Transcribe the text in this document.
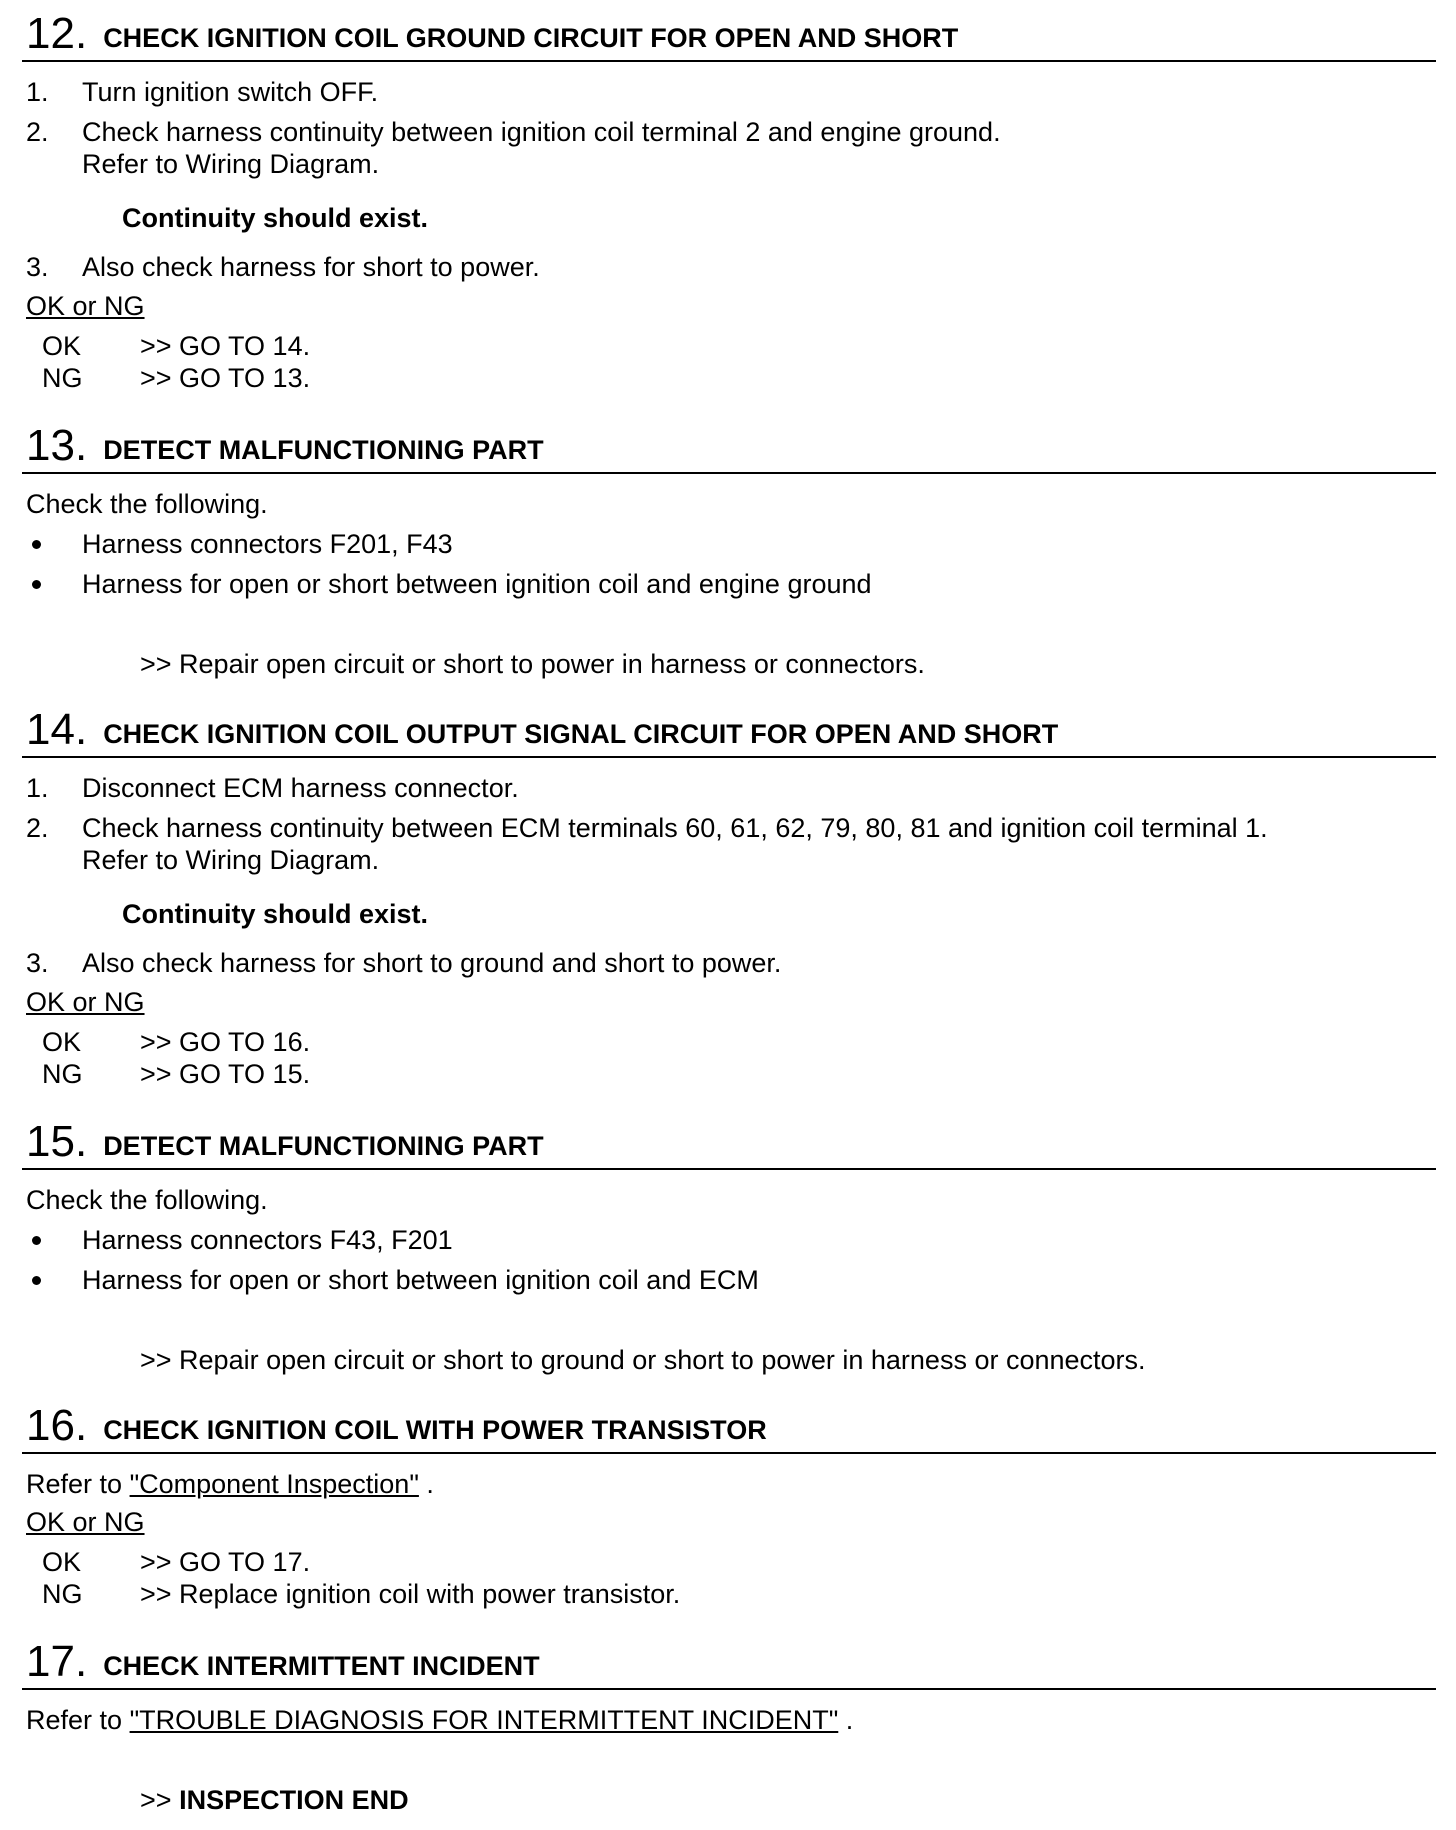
12 . CHECK IGNITION COIL GROUND CIRCUIT FOR OPEN AND SHORT
1. Turn ignition switch OFF.
2. Check harness continuity between ignition coil terminal 2 and engine ground.
Refer to Wiring Diagram.
Continuity should exist.
3. Also check harness for short to power.
OK or NG
OK >> GO TO 14.
NG >> GO TO 13.
13 . DETECT MALFUNCTIONING PART
Check the following.
Harness connectors F201, F43
Harness for open or short between ignition coil and engine ground
>> Repair open circuit or short to power in harness or connectors.
14 . CHECK IGNITION COIL OUTPUT SIGNAL CIRCUIT FOR OPEN AND SHORT
1. Disconnect ECM harness connector.
2. Check harness continuity between ECM terminals 60, 61, 62, 79, 80, 81 and ignition coil terminal 1.
Refer to Wiring Diagram.
Continuity should exist.
3. Also check harness for short to ground and short to power.
OK or NG
OK >> GO TO 16.
NG >> GO TO 15.
15 . DETECT MALFUNCTIONING PART
Check the following.
Harness connectors F43, F201
Harness for open or short between ignition coil and ECM
>> Repair open circuit or short to ground or short to power in harness or connectors.
16 . CHECK IGNITION COIL WITH POWER TRANSISTOR
Refer to "Component Inspection" .
OK or NG
OK >> GO TO 17.
NG >> Replace ignition coil with power transistor.
17 . CHECK INTERMITTENT INCIDENT
Refer to "TROUBLE DIAGNOSIS FOR INTERMITTENT INCIDENT" .
>> INSPECTION END
